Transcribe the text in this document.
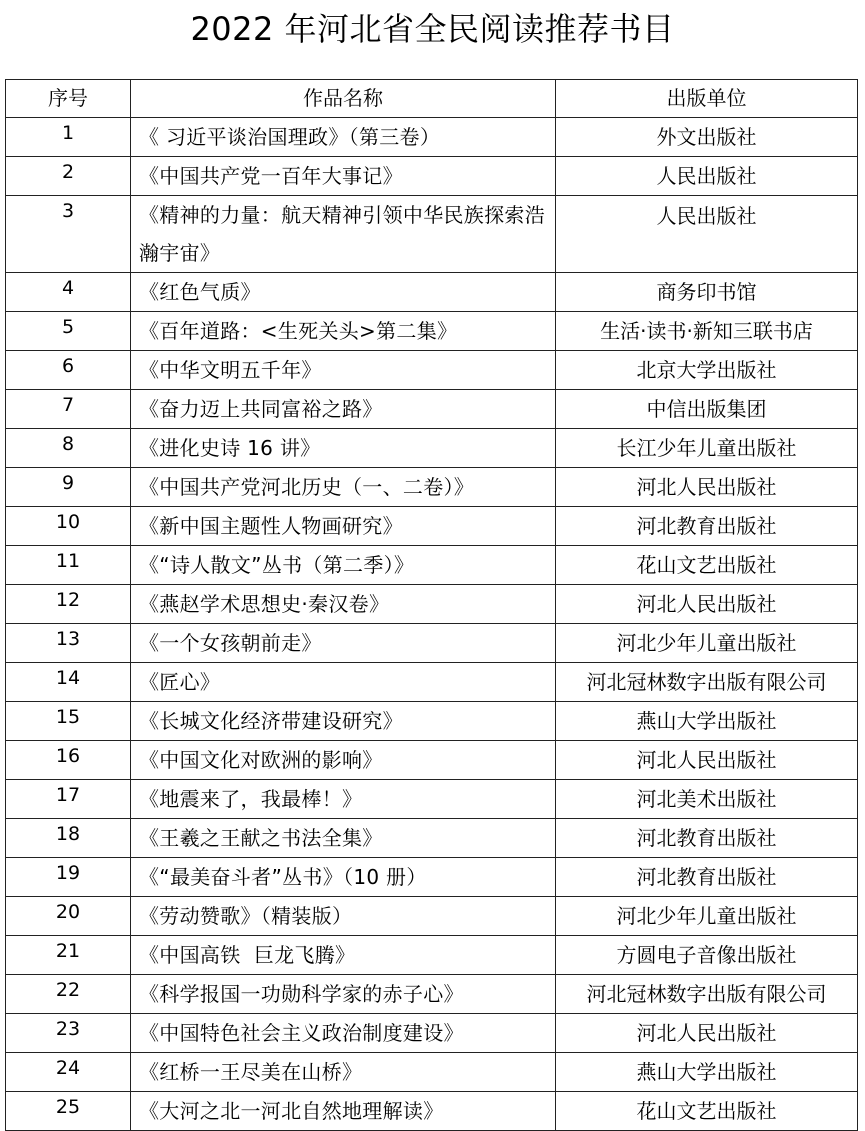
2022 年河北省全民阅读推荐书目
序号	作品名称	出版单位
1	《 习近平谈治国理政》（第三卷）	外文出版社
2	《中国共产党一百年大事记》	人民出版社
3	《精神的力量：航天精神引领中华民族探索浩瀚宇宙》	人民出版社
4	《红色气质》	商务印书馆
5	《百年道路：<生死关头>第二集》	生活·读书·新知三联书店
6	《中华文明五千年》	北京大学出版社
7	《奋力迈上共同富裕之路》	中信出版集团
8	《进化史诗 16 讲》	长江少年儿童出版社
9	《中国共产党河北历史（一、二卷）》	河北人民出版社
10	《新中国主题性人物画研究》	河北教育出版社
11	《“诗人散文”丛书（第二季）》	花山文艺出版社
12	《燕赵学术思想史·秦汉卷》	河北人民出版社
13	《一个女孩朝前走》	河北少年儿童出版社
14	《匠心》	河北冠林数字出版有限公司
15	《长城文化经济带建设研究》	燕山大学出版社
16	《中国文化对欧洲的影响》	河北人民出版社
17	《地震来了，我最棒！》	河北美术出版社
18	《王羲之王献之书法全集》	河北教育出版社
19	《“最美奋斗者”丛书》（10 册）	河北教育出版社
20	《劳动赞歌》（精装版）	河北少年儿童出版社
21	《中国高铁  巨龙飞腾》	方圆电子音像出版社
22	《科学报国一功勋科学家的赤子心》	河北冠林数字出版有限公司
23	《中国特色社会主义政治制度建设》	河北人民出版社
24	《红桥一王尽美在山桥》	燕山大学出版社
25	《大河之北一河北自然地理解读》	花山文艺出版社
